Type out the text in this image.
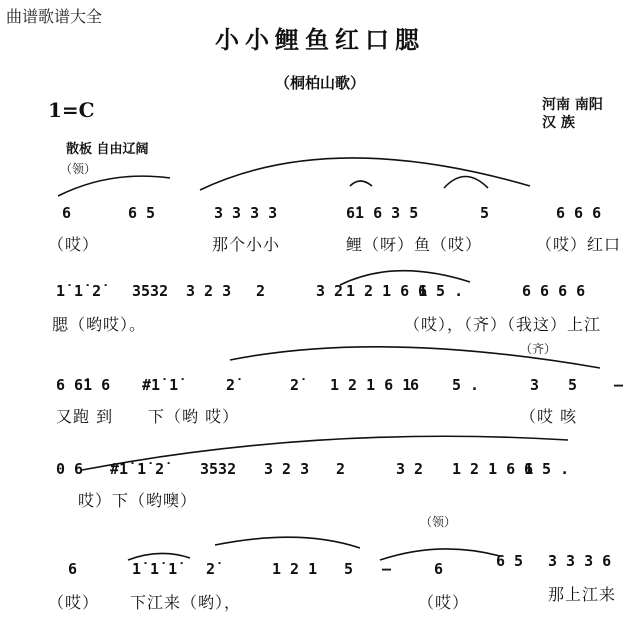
曲谱歌谱大全
小小鲤鱼红口腮
（桐柏山歌）
1=C	河南 南阳
汉 族
散板 自由辽阔
（领）
（领）
（齐）
6	6 5	3 3 3 3	6̇1 6 3 5	5	6 6 6
（哎）	那个小小	鲤（呀）鱼（哎）	（哎）红口
1̇ 1̇ 2̇ 3532 3 2 3 2	3 2 1 2 1 6 1
6 5 .	6 6 6 6
腮（哟哎）。	（哎），（齐）（我这）上江
6 6̇1 6 #1̇ 1̇	2̇	2̇ 1 2 1 6 1
6 5 .	3 5 –
又跑 到 下（哟 哎）	（哎 咳
0 6 #1̇ 1̇ 2̇ 3532 3 2 3 2	3 2 1 2 1 6 1
6 5 .
哎）下（哟噢）
6	1̇ 1̇ 1̇ 2̇	1 2 1 5 –	6	6 5 3 3 3 6
（哎） 下江来（哟），	（哎）	那上江来
